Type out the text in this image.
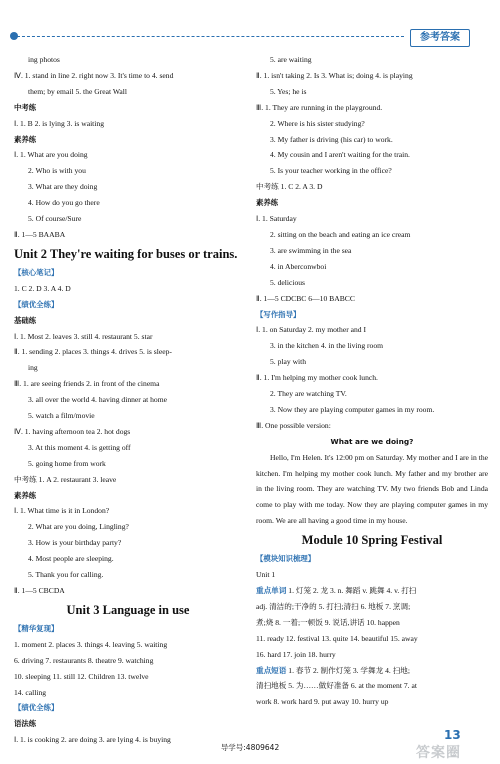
参考答案
ing photos
Ⅳ. 1. stand in line 2. right now 3. It's time to 4. send
them; by email 5. the Great Wall
中考练
Ⅰ. 1. B 2. is lying 3. is waiting
素养练
Ⅰ. 1. What are you doing
2. Who is with you
3. What are they doing
4. How do you go there
5. Of course/Sure
Ⅱ. 1—5 BAABA
Unit 2 They're waiting for buses or trains.
【核心笔记】
1. C 2. D 3. A 4. D
【绩优全练】
基础练
Ⅰ. 1. Most 2. leaves 3. still 4. restaurant 5. star
Ⅱ. 1. sending 2. places 3. things 4. drives 5. is sleep-
ing
Ⅲ. 1. are seeing friends 2. in front of the cinema
3. all over the world 4. having dinner at home
5. watch a film/movie
Ⅳ. 1. having afternoon tea 2. hot dogs
3. At this moment 4. is getting off
5. going home from work
中考练 1. A 2. restaurant 3. leave
素养练
Ⅰ. 1. What time is it in London?
2. What are you doing, Lingling?
3. How is your birthday party?
4. Most people are sleeping.
5. Thank you for calling.
Ⅱ. 1—5 CBCDA
Unit 3 Language in use
【精华复现】
1. moment 2. places 3. things 4. leaving 5. waiting
6. driving 7. restaurants 8. theatre 9. watching
10. sleeping 11. still 12. Children 13. twelve
14. calling
【绩优全练】
语法练
Ⅰ. 1. is cooking 2. are doing 3. are lying 4. is buying
5. are waiting
Ⅱ. 1. isn't taking 2. Is 3. What is; doing 4. is playing
5. Yes; he is
Ⅲ. 1. They are running in the playground.
2. Where is his sister studying?
3. My father is driving (his car) to work.
4. My cousin and I aren't waiting for the train.
5. Is your teacher working in the office?
中考练 1. C 2. A 3. D
素养练
Ⅰ. 1. Saturday
2. sitting on the beach and eating an ice cream
3. are swimming in the sea
4. in Aberconwboi
5. delicious
Ⅱ. 1—5 CDCBC 6—10 BABCC
【写作指导】
Ⅰ. 1. on Saturday 2. my mother and I
3. in the kitchen 4. in the living room
5. play with
Ⅱ. 1. I'm helping my mother cook lunch.
2. They are watching TV.
3. Now they are playing computer games in my room.
Ⅲ. One possible version:
What are we doing?
Hello, I'm Helen. It's 12:00 pm on Saturday. My mother and I are in the kitchen. I'm helping my mother cook lunch. My father and my brother are in the living room. They are watching TV. My two friends Bob and Linda come to play with me today. Now they are playing computer games in my room. We are all having a good time in my house.
Module 10 Spring Festival
【模块知识梳理】
Unit 1
重点单词 1. 灯笼 2. 龙 3. n. 舞蹈 v. 跳舞 4. v. 打扫
adj. 清洁的;干净的 5. 打扫;清扫 6. 地板 7. 烹调;
煮;烧 8. 一着;一顿饭 9. 说话,讲话 10. happen
11. ready 12. festival 13. quite 14. beautiful 15. away
16. hard 17. join 18. hurry
重点短语 1. 春节 2. 制作灯笼 3. 学舞龙 4. 扫地;
清扫地板 5. 为……做好准备 6. at the moment 7. at
work 8. work hard 9. put away 10. hurry up
13
答案圈
导学号:4809642
